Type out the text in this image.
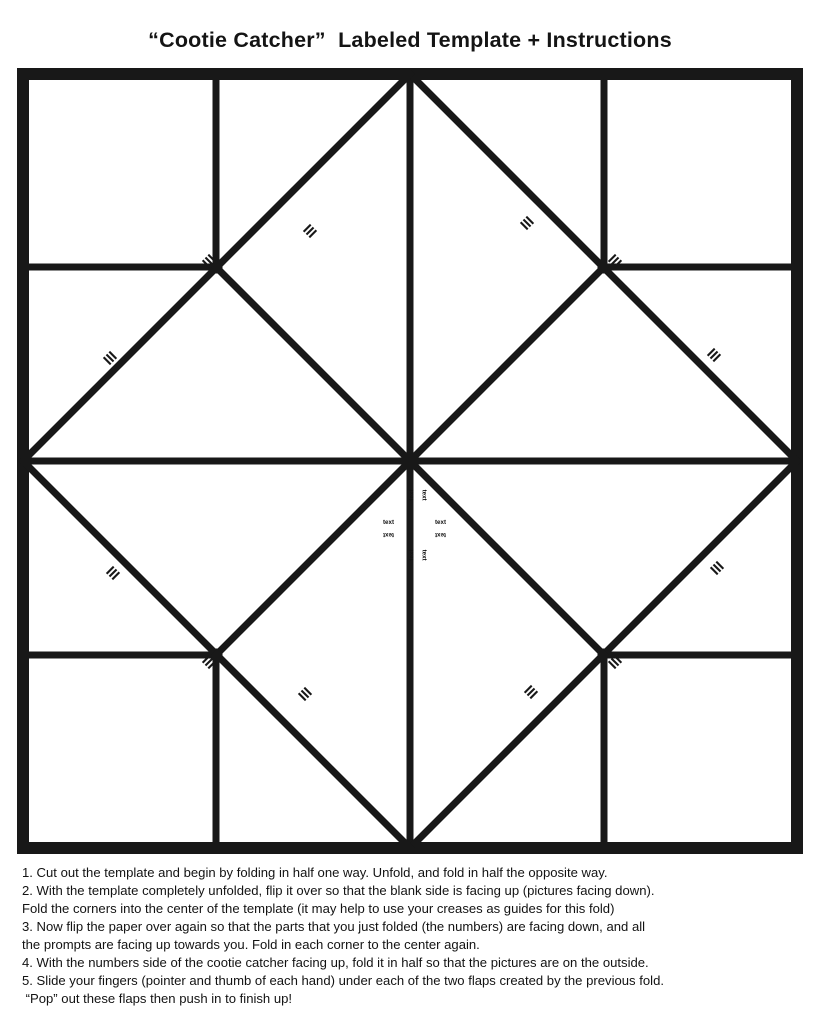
“Cootie Catcher”  Labeled Template + Instructions
text	text
text	text
text text
text text

1. Cut out the template and begin by folding in half one way. Unfold, and fold in half the opposite way.

2. With the template completely unfolded, flip it over so that the blank side is facing up (pictures facing down).

Fold the corners into the center of the template (it may help to use your creases as guides for this fold)

3. Now flip the paper over again so that the parts that you just folded (the numbers) are facing down, and all

the prompts are facing up towards you. Fold in each corner to the center again.

4. With the numbers side of the cootie catcher facing up, fold it in half so that the pictures are on the outside.

5. Slide your fingers (pointer and thumb of each hand) under each of the two flaps created by the previous fold.

“Pop” out these flaps then push in to finish up!
